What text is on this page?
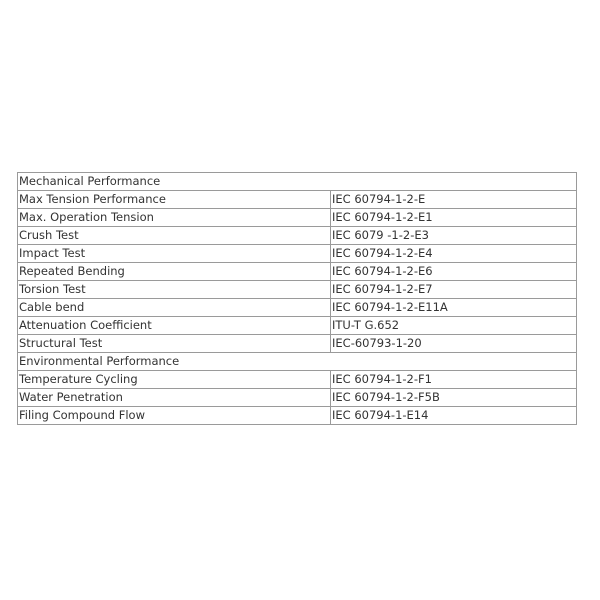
Mechanical Performance	
Max Tension Performance	IEC 60794-1-2-E
Max. Operation Tension	IEC 60794-1-2-E1
Crush Test	IEC 6079 -1-2-E3
Impact Test	IEC 60794-1-2-E4
Repeated Bending	IEC 60794-1-2-E6
Torsion Test	IEC 60794-1-2-E7
Cable bend	IEC 60794-1-2-E11A
Attenuation Coefficient	ITU-T G.652
Structural Test	IEC-60793-1-20
Environmental Performance	
Temperature Cycling	IEC 60794-1-2-F1
Water Penetration	IEC 60794-1-2-F5B
Filing Compound Flow	IEC 60794-1-E14
